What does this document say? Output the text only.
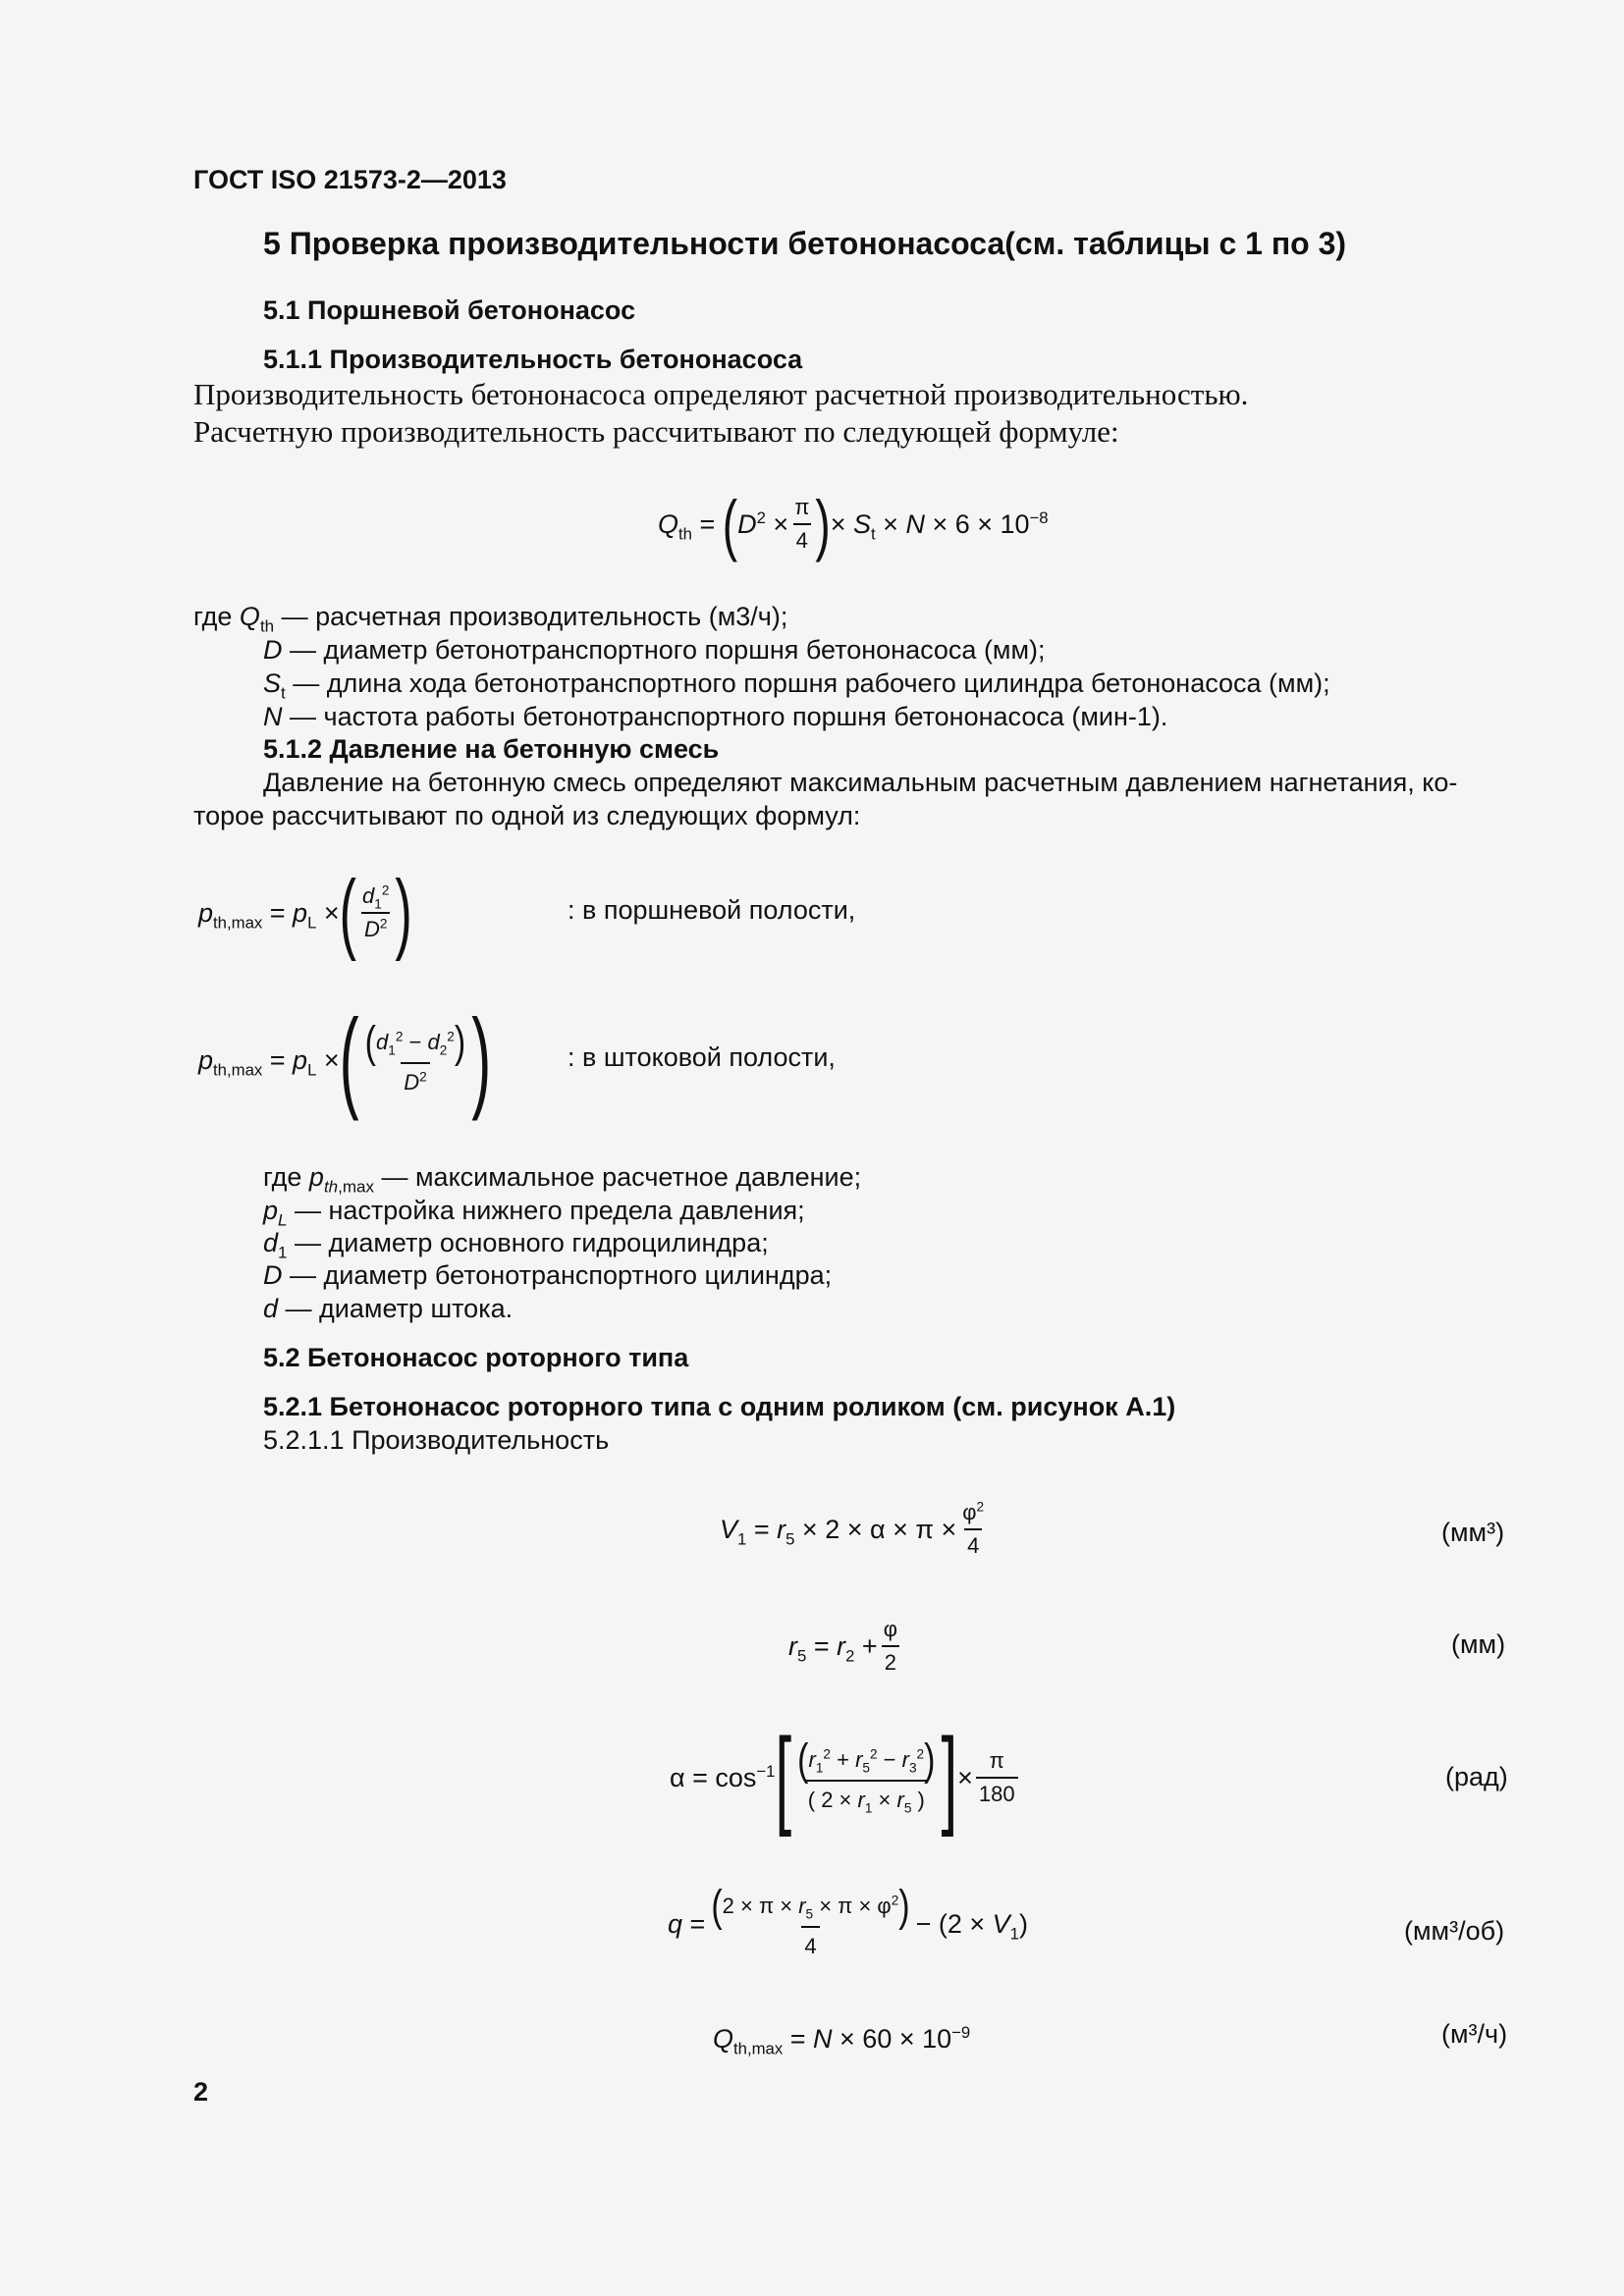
ГОСТ ISO 21573-2—2013
5 Проверка производительности бетононасоса(см. таблицы с 1 по 3)
5.1 Поршневой бетононасос
5.1.1 Производительность бетононасоса
Производительность бетононасоса определяют расчетной производительностью.
Расчетную производительность рассчитывают по следующей формуле:
$Q_{th}$ = ( $D^2 \times \frac{\pi}{4}$ ) × $S_t \times N \times 6 \times 10^{-8}$
где $Q_{th}$ — расчетная производительность (м3/ч);
D — диаметр бетонотранспортного поршня бетононасоса (мм);
$S_t$ — длина хода бетонотранспортного поршня рабочего цилиндра бетононасоса (мм);
N — частота работы бетонотранспортного поршня бетононасоса (мин-1).
5.1.2 Давление на бетонную смесь
Давление на бетонную смесь определяют максимальным расчетным давлением нагнетания, ко-
торое рассчитывают по одной из следующих формул:
$p_{th,max} = p_L$ × ( $\frac{d_1^2}{D^2}$ )	: в поршневой полости,
$p_{th,max} = p_L$ × ( $\frac{( d_1^2 - d_2^2 )}{D^2}$ )	: в штоковой полости,
где $p_{th,max}$ — максимальное расчетное давление;
$p_L$ — настройка нижнего предела давления;
$d_1$ — диаметр основного гидроцилиндра;
D — диаметр бетонотранспортного цилиндра;
d — диаметр штока.
5.2 Бетононасос роторного типа
5.2.1 Бетононасос роторного типа с одним роликом (см. рисунок А.1)
5.2.1.1 Производительность
$V_1 = r_5 \times 2 \times \alpha \times \pi \times \frac{\varphi^2}{4}$	(мм³)
$r_5 = r_2 + \frac{\varphi}{2}$	(мм)
$\alpha = \cos^{-1}$ [ $\frac{( r_1^2 + r_5^2 - r_3^2 )}{( 2 \times r_1 \times r_5 )}$ ] × $\frac{\pi}{180}$	(рад)
$q = \frac{( 2 \times \pi \times r_5 \times \pi \times \varphi^2 )}{4} - (2 \times V_1)$	(мм³/об)
$Q_{th,max} = N \times 60 \times 10^{-9}$	(м³/ч)
2
